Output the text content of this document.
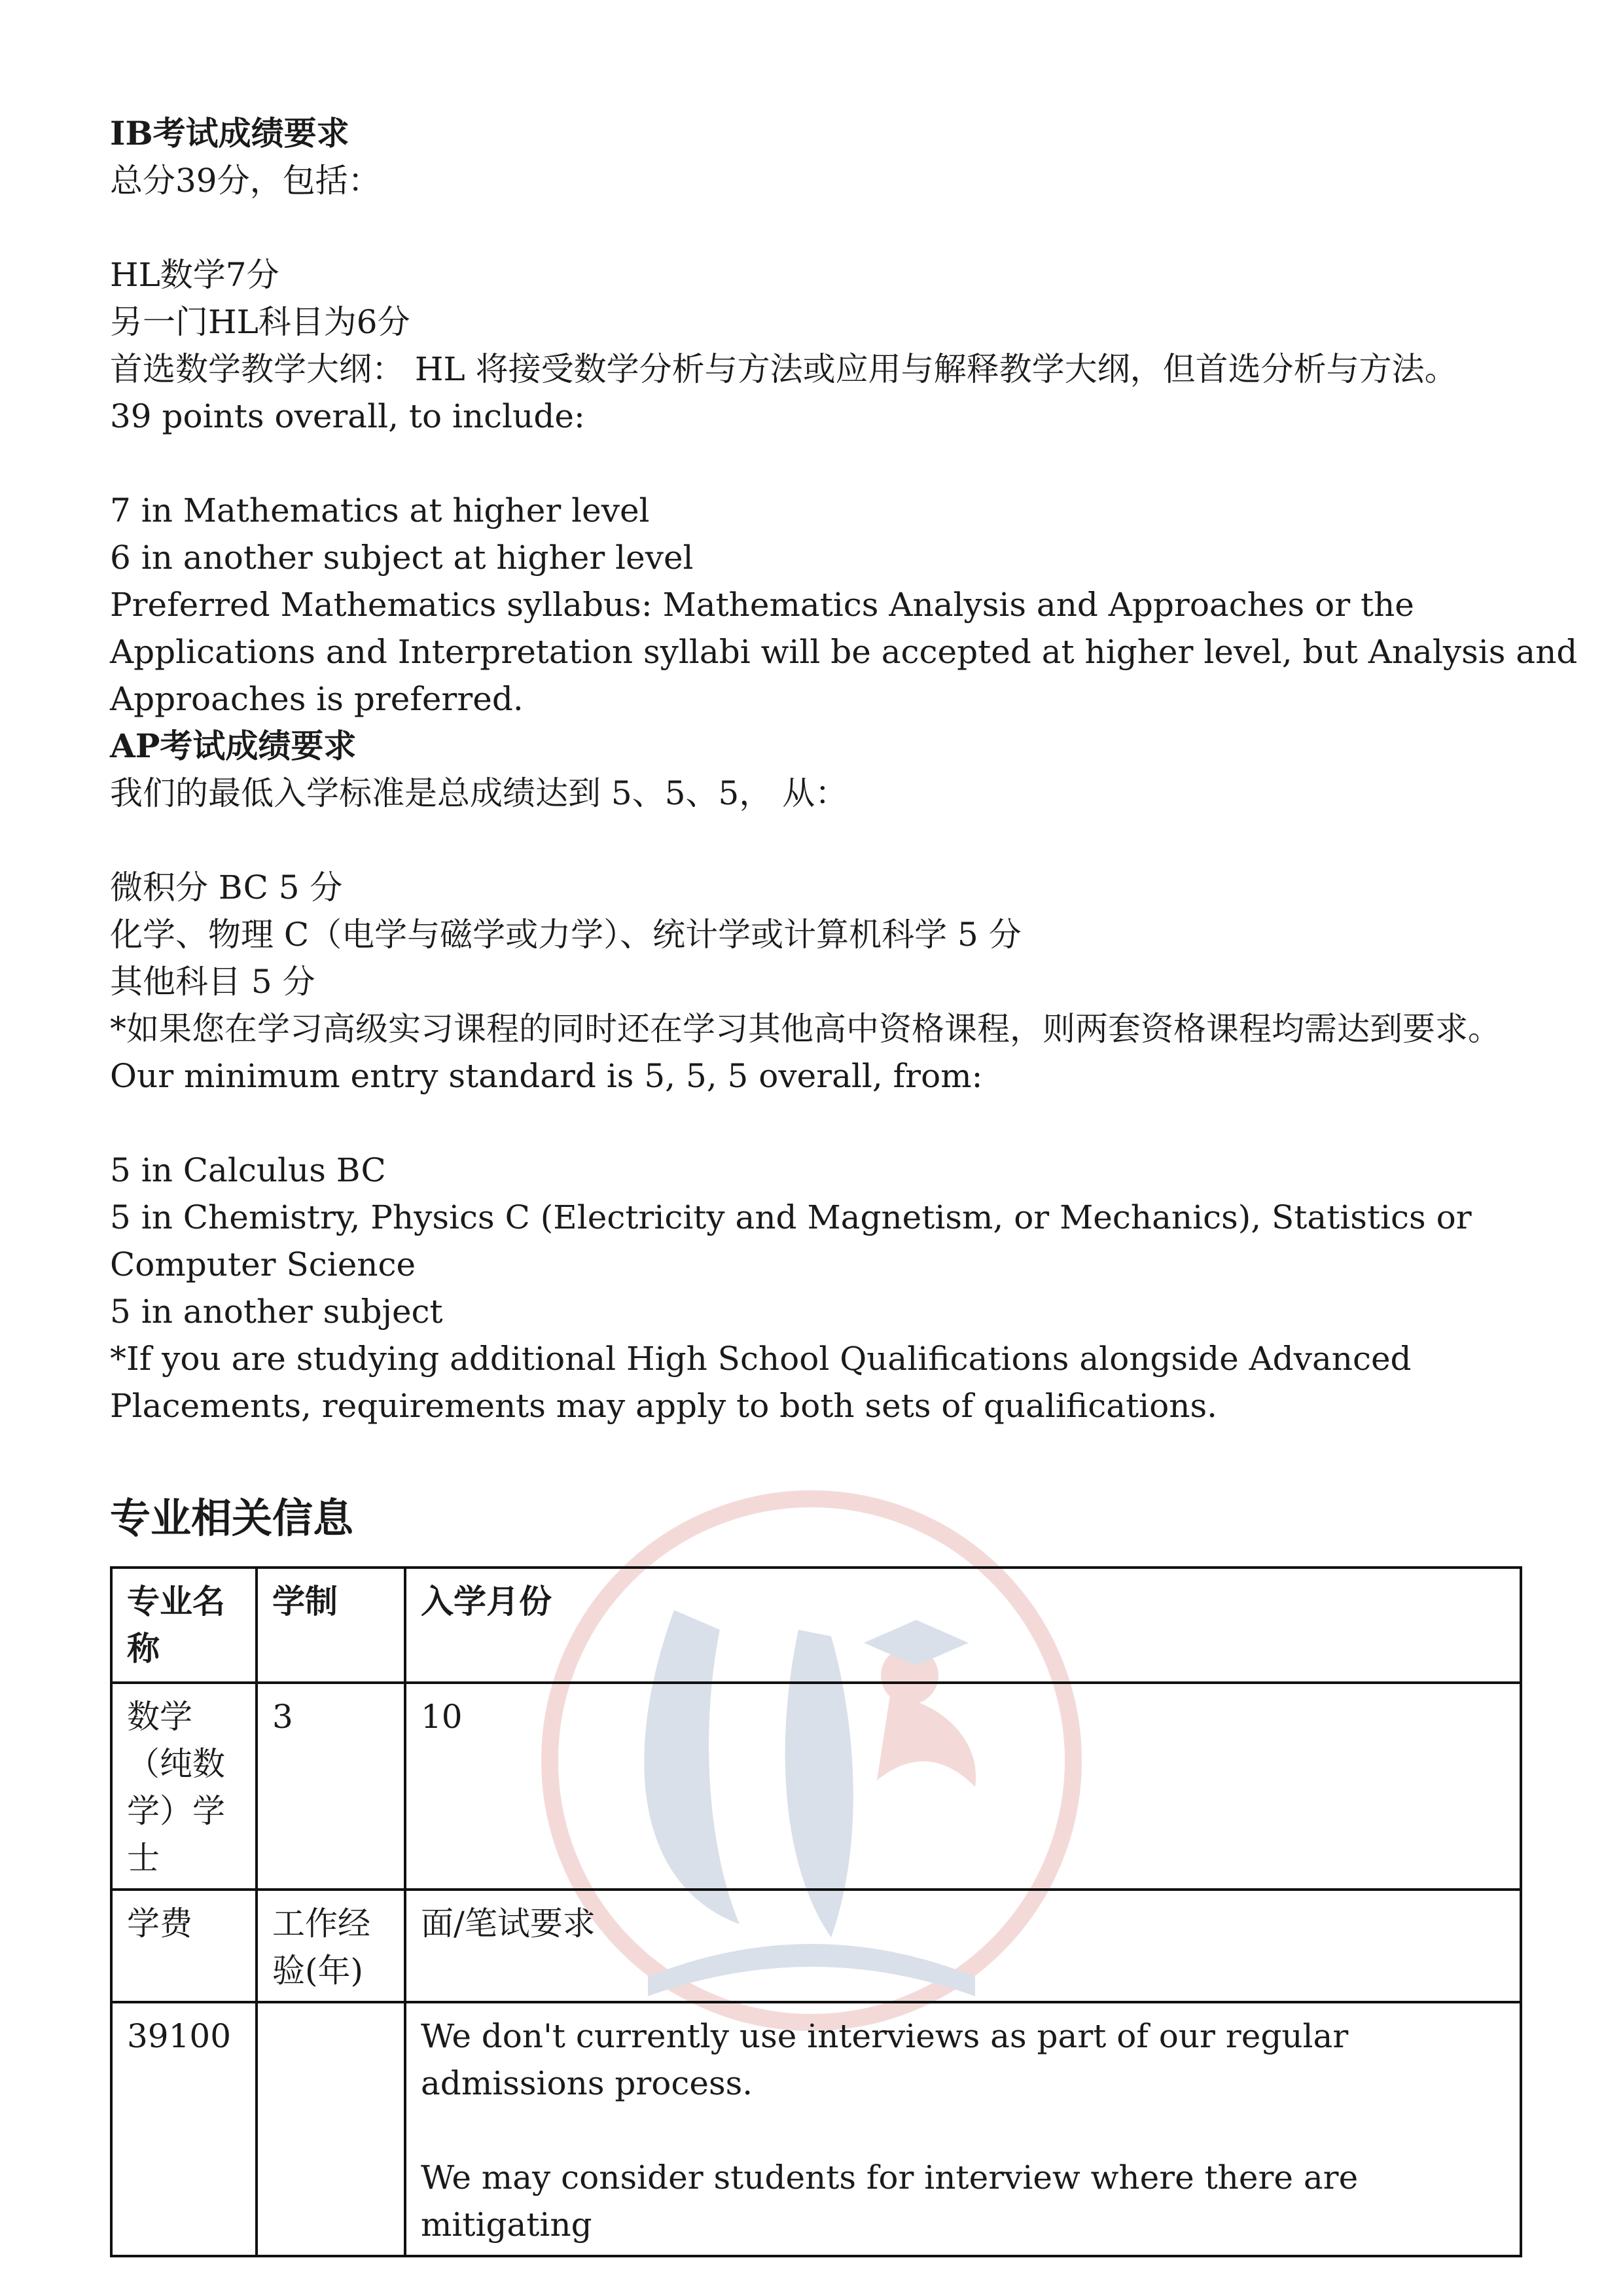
IB考试成绩要求

总分39分，包括：

HL数学7分

另一门HL科目为6分

首选数学教学大纲： HL 将接受数学分析与方法或应用与解释教学大纲，但首选分析与方法。

39 points overall, to include:

7 in Mathematics at higher level

6 in another subject at higher level

Preferred Mathematics syllabus: Mathematics Analysis and Approaches or the

Applications and Interpretation syllabi will be accepted at higher level, but Analysis and

Approaches is preferred.

AP考试成绩要求

我们的最低入学标准是总成绩达到 5、5、5， 从：

微积分 BC 5 分

化学、物理 C（电学与磁学或力学）、统计学或计算机科学 5 分

其他科目 5 分

*如果您在学习高级实习课程的同时还在学习其他高中资格课程，则两套资格课程均需达到要求。

Our minimum entry standard is 5, 5, 5 overall, from:

5 in Calculus BC

5 in Chemistry, Physics C (Electricity and Magnetism, or Mechanics), Statistics or

Computer Science

5 in another subject

*If you are studying additional High School Qualifications alongside Advanced

Placements, requirements may apply to both sets of qualifications.

专业相关信息
专业名称	学制	入学月份
数学（纯数学）学士	3	10
学费	工作经验(年)	面/笔试要求
39100		We don't currently use interviews as part of our regular admissions process.
We may consider students for interview where there are mitigating
